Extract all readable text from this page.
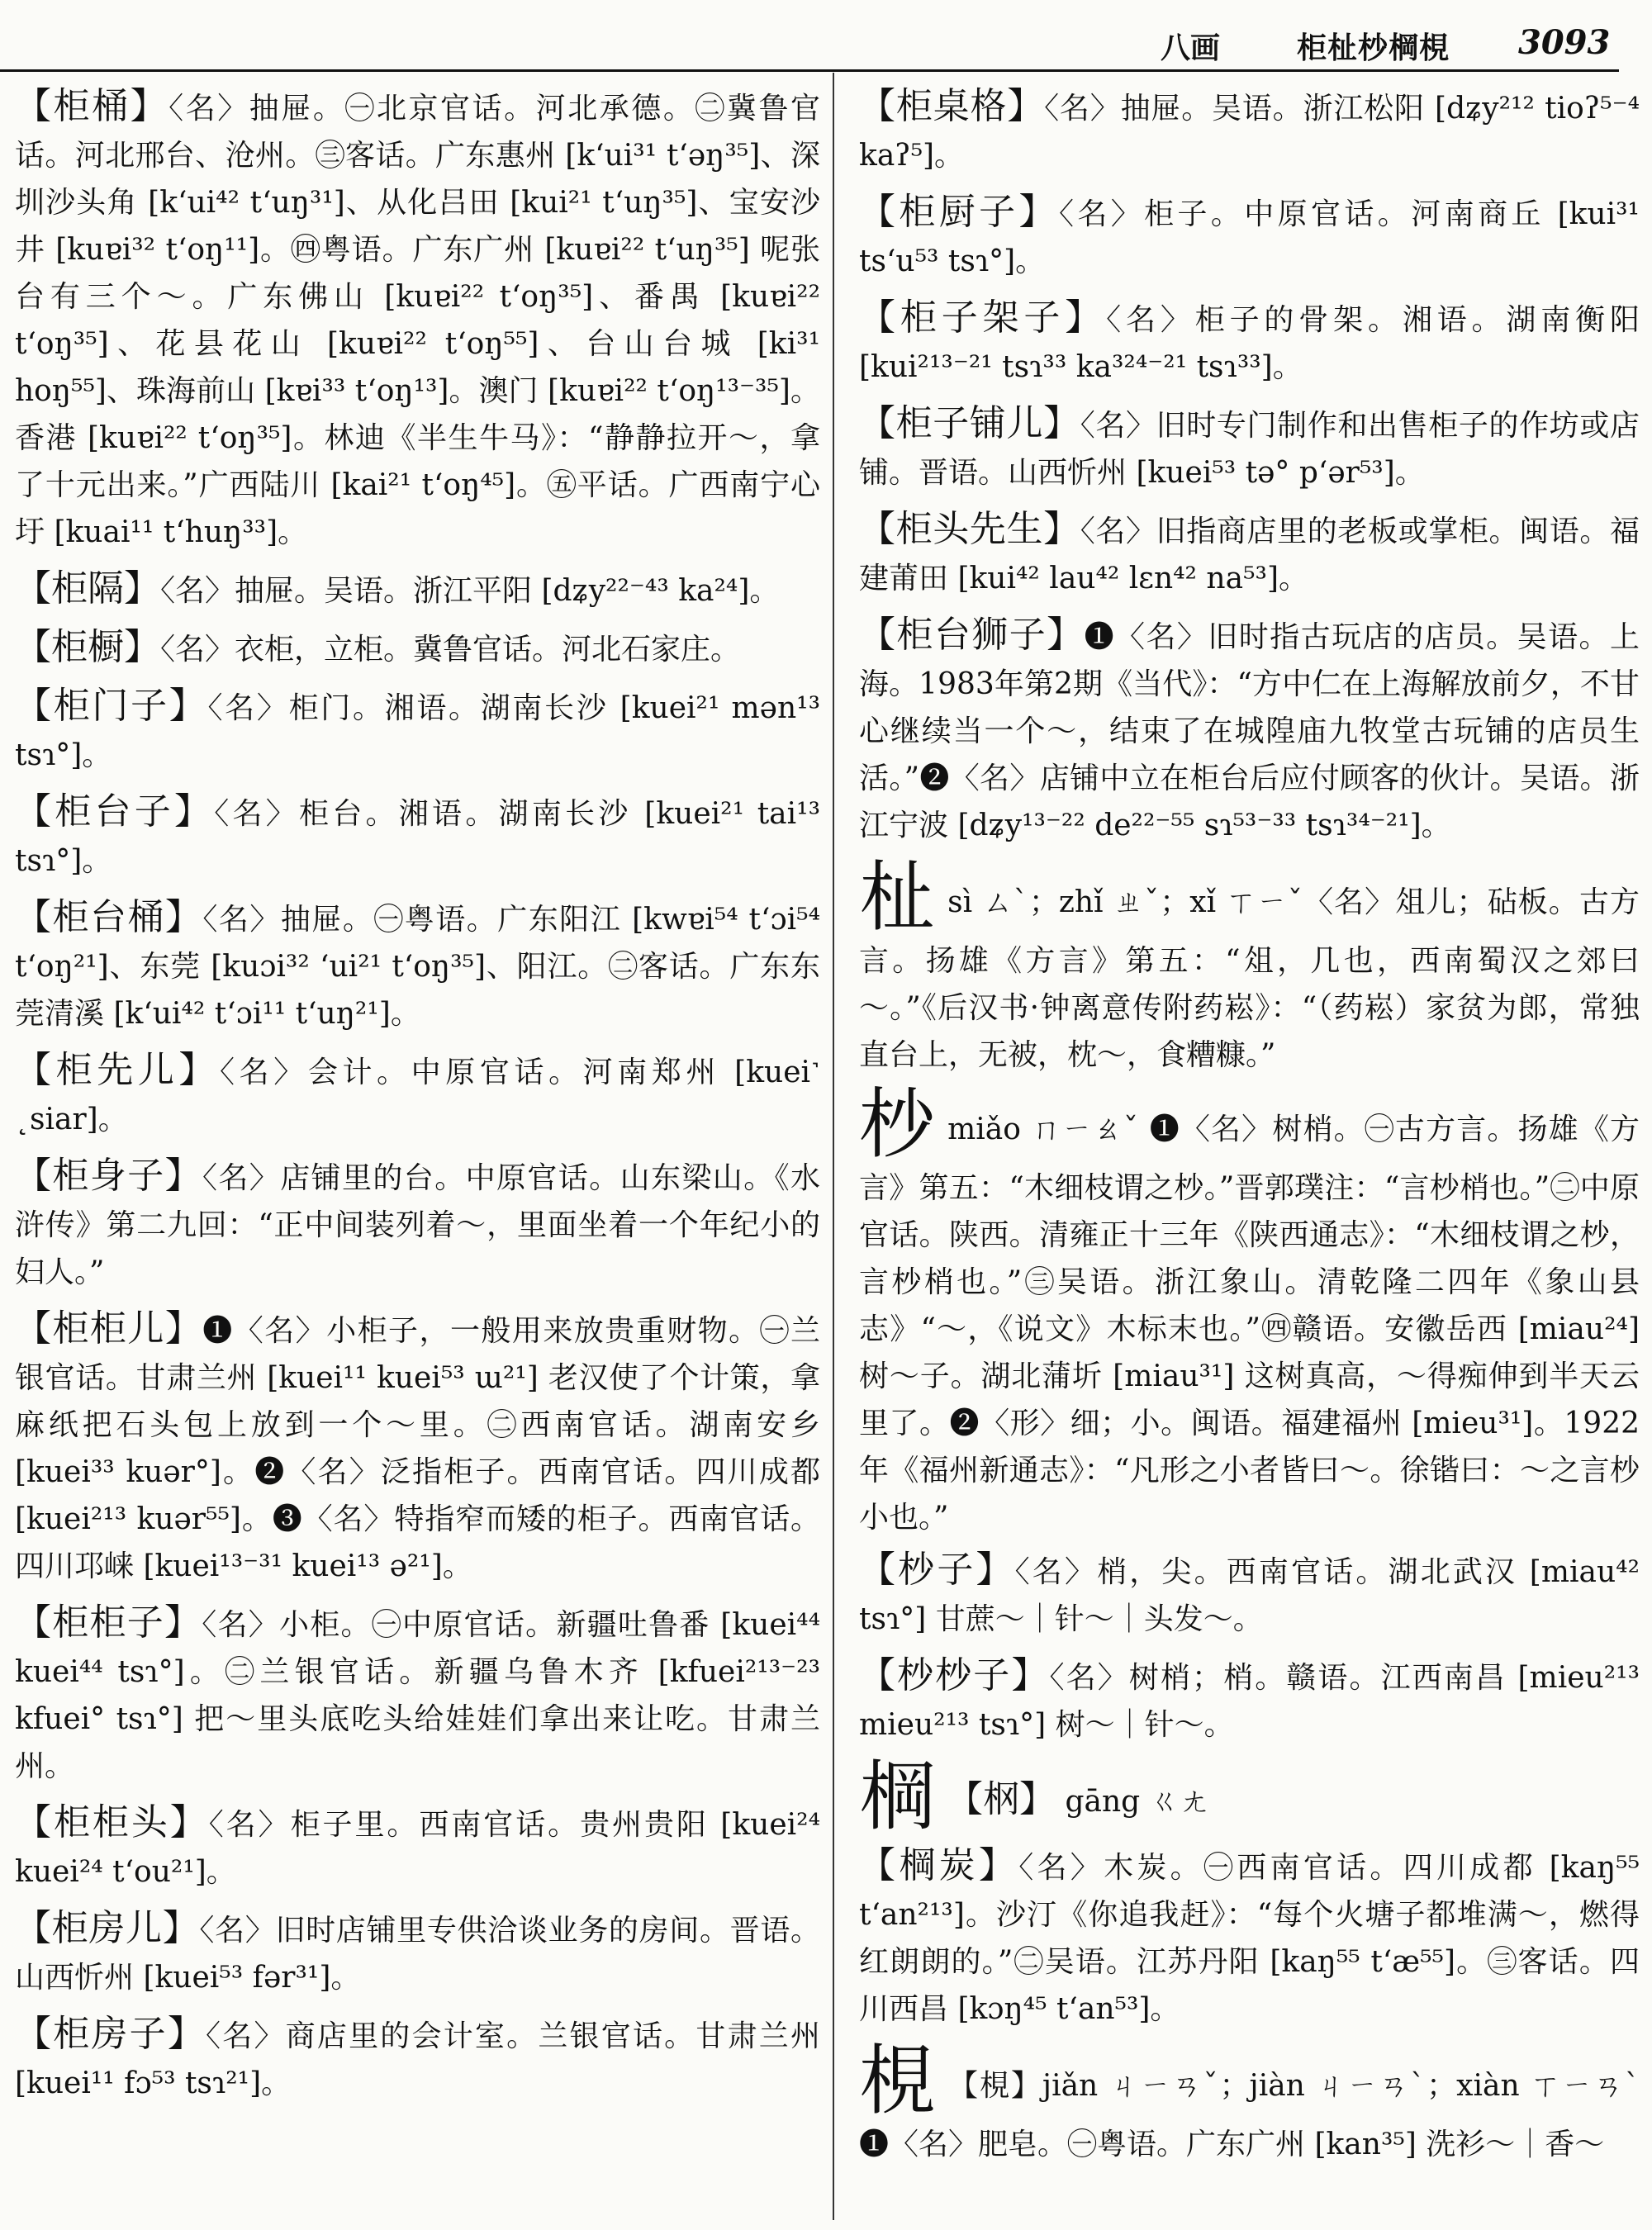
八画	柜杫杪棡梘 3093
【柜桶】〈名〉抽屉。㊀北京官话。河北承德。㊁冀鲁官话。河北邢台、沧州。㊂客话。广东惠州 [kʻui³¹ tʻəŋ³⁵]、深圳沙头角 [kʻui⁴² tʻuŋ³¹]、从化吕田 [kui²¹ tʻuŋ³⁵]、宝安沙井 [kuɐi³² tʻoŋ¹¹]。㊃粤语。广东广州 [kuɐi²² tʻuŋ³⁵] 呢张台有三个～。广东佛山 [kuɐi²² tʻoŋ³⁵]、番禺 [kuɐi²² tʻoŋ³⁵]、花县花山 [kuɐi²² tʻoŋ⁵⁵]、台山台城 [ki³¹ hoŋ⁵⁵]、珠海前山 [kɐi³³ tʻoŋ¹³]。澳门 [kuɐi²² tʻoŋ¹³⁻³⁵]。香港 [kuɐi²² tʻoŋ³⁵]。林迪《半生牛马》：“静静拉开～，拿了十元出来。”广西陆川 [kai²¹ tʻoŋ⁴⁵]。㊄平话。广西南宁心圩 [kuai¹¹ tʻhuŋ³³]。
【柜隔】〈名〉抽屉。吴语。浙江平阳 [dʑy²²⁻⁴³ ka²⁴]。
【柜橱】〈名〉衣柜，立柜。冀鲁官话。河北石家庄。
【柜门子】〈名〉柜门。湘语。湖南长沙 [kuei²¹ mən¹³ tsɿ°]。
【柜台子】〈名〉柜台。湘语。湖南长沙 [kuei²¹ tai¹³ tsɿ°]。
【柜台桶】〈名〉抽屉。㊀粤语。广东阳江 [kwɐi⁵⁴ tʻɔi⁵⁴ tʻoŋ²¹]、东莞 [kuɔi³² ʻui²¹ tʻoŋ³⁵]、阳江。㊁客话。广东东莞清溪 [kʻui⁴² tʻɔi¹¹ tʻuŋ²¹]。
【柜先儿】〈名〉会计。中原官话。河南郑州 [kuei˺ ˛siar]。
【柜身子】〈名〉店铺里的台。中原官话。山东梁山。《水浒传》第二九回：“正中间装列着～，里面坐着一个年纪小的妇人。”
【柜柜儿】❶〈名〉小柜子，一般用来放贵重财物。㊀兰银官话。甘肃兰州 [kuei¹¹ kuei⁵³ ɯ²¹] 老汉使了个计策，拿麻纸把石头包上放到一个～里。㊁西南官话。湖南安乡 [kuei³³ kuər°]。❷〈名〉泛指柜子。西南官话。四川成都 [kuei²¹³ kuər⁵⁵]。❸〈名〉特指窄而矮的柜子。西南官话。四川邛崃 [kuei¹³⁻³¹ kuei¹³ ə²¹]。
【柜柜子】〈名〉小柜。㊀中原官话。新疆吐鲁番 [kuei⁴⁴ kuei⁴⁴ tsɿ°]。㊁兰银官话。新疆乌鲁木齐 [kfuei²¹³⁻²³ kfuei° tsɿ°] 把～里头底吃头给娃娃们拿出来让吃。甘肃兰州。
【柜柜头】〈名〉柜子里。西南官话。贵州贵阳 [kuei²⁴ kuei²⁴ tʻou²¹]。
【柜房儿】〈名〉旧时店铺里专供洽谈业务的房间。晋语。山西忻州 [kuei⁵³ fər³¹]。
【柜房子】〈名〉商店里的会计室。兰银官话。甘肃兰州 [kuei¹¹ fɔ⁵³ tsɿ²¹]。
【柜桌格】〈名〉抽屉。吴语。浙江松阳 [dʑy²¹² tioʔ⁵⁻⁴ kaʔ⁵]。
【柜厨子】〈名〉柜子。中原官话。河南商丘 [kui³¹ tsʻu⁵³ tsɿ°]。
【柜子架子】〈名〉柜子的骨架。湘语。湖南衡阳 [kui²¹³⁻²¹ tsɿ³³ ka³²⁴⁻²¹ tsɿ³³]。
【柜子铺儿】〈名〉旧时专门制作和出售柜子的作坊或店铺。晋语。山西忻州 [kuei⁵³ tə° pʻər⁵³]。
【柜头先生】〈名〉旧指商店里的老板或掌柜。闽语。福建莆田 [kui⁴² lau⁴² lɛn⁴² na⁵³]。
【柜台狮子】❶〈名〉旧时指古玩店的店员。吴语。上海。1983年第2期《当代》：“方中仁在上海解放前夕，不甘心继续当一个～，结束了在城隍庙九牧堂古玩铺的店员生活。”❷〈名〉店铺中立在柜台后应付顾客的伙计。吴语。浙江宁波 [dʑy¹³⁻²² de²²⁻⁵⁵ sɿ⁵³⁻³³ tsɿ³⁴⁻²¹]。
杫sì ㄙˋ；zhǐ ㄓˇ；xǐ ㄒㄧˇ〈名〉俎儿；砧板。古方言。扬雄《方言》第五：“俎，几也，西南蜀汉之郊曰～。”《后汉书·钟离意传附药崧》：“（药崧）家贫为郎，常独直台上，无被，枕～，食糟糠。”
杪miǎo ㄇㄧㄠˇ ❶〈名〉树梢。㊀古方言。扬雄《方言》第五：“木细枝谓之杪。”晋郭璞注：“言杪梢也。”㊁中原官话。陕西。清雍正十三年《陕西通志》：“木细枝谓之杪，言杪梢也。”㊂吴语。浙江象山。清乾隆二四年《象山县志》“～，《说文》木标末也。”㊃赣语。安徽岳西 [miau²⁴] 树～子。湖北蒲圻 [miau³¹] 这树真高，～得痴伸到半天云里了。❷〈形〉细；小。闽语。福建福州 [mieu³¹]。1922年《福州新通志》：“凡形之小者皆曰～。徐锴曰：～之言杪小也。”
【杪子】〈名〉梢，尖。西南官话。湖北武汉 [miau⁴² tsɿ°] 甘蔗～｜针～｜头发～。
【杪杪子】〈名〉树梢；梢。赣语。江西南昌 [mieu²¹³ mieu²¹³ tsɿ°] 树～｜针～。
棡 【㭎】 gāng ㄍㄤ
【棡炭】〈名〉木炭。㊀西南官话。四川成都 [kaŋ⁵⁵ tʻan²¹³]。沙汀《你追我赶》：“每个火塘子都堆满～，燃得红朗朗的。”㊁吴语。江苏丹阳 [kaŋ⁵⁵ tʻæ⁵⁵]。㊂客话。四川西昌 [kɔŋ⁴⁵ tʻan⁵³]。
梘 【梘】jiǎn ㄐㄧㄢˇ；jiàn ㄐㄧㄢˋ；xiàn ㄒㄧㄢˋ ❶〈名〉肥皂。㊀粤语。广东广州 [kan³⁵] 洗衫～｜香～
